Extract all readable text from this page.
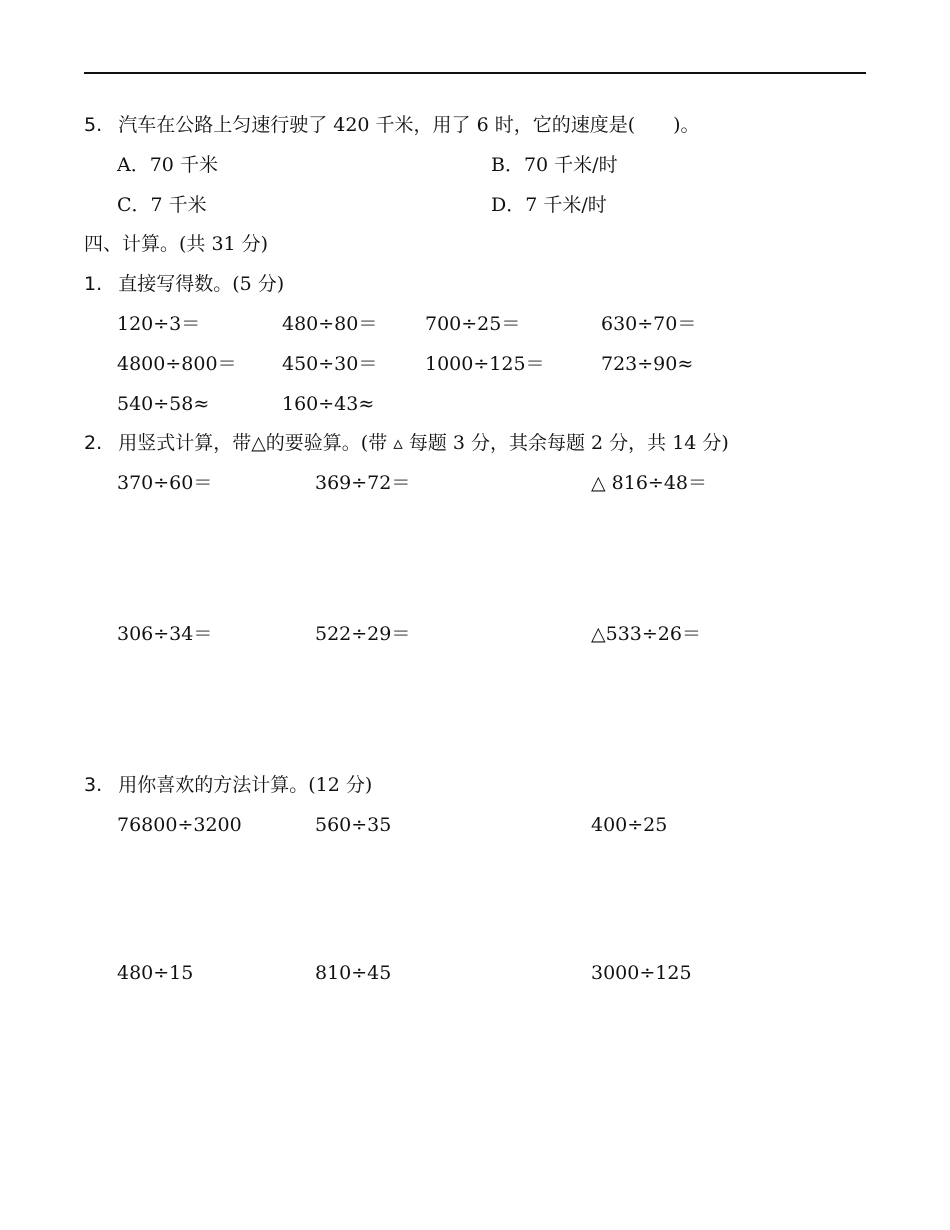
5. 汽车在公路上匀速行驶了 420 千米，用了 6 时，它的速度是(　　)。
A．70 千米	B．70 千米/时
C．7 千米	D．7 千米/时
四、计算。(共 31 分)
1. 直接写得数。(5 分)
120÷3＝	480÷80＝	700÷25＝	630÷70＝
4800÷800＝ 450÷30＝	1000÷125＝	723÷90≈
540÷58≈	160÷43≈
2. 用竖式计算，带△的要验算。(带 ▵ 每题 3 分，其余每题 2 分，共 14 分)
370÷60＝	369÷72＝	△ 816÷48＝
306÷34＝	522÷29＝	△533÷26＝
3. 用你喜欢的方法计算。(12 分)
76800÷3200	560÷35	400÷25
480÷15	810÷45	3000÷125
